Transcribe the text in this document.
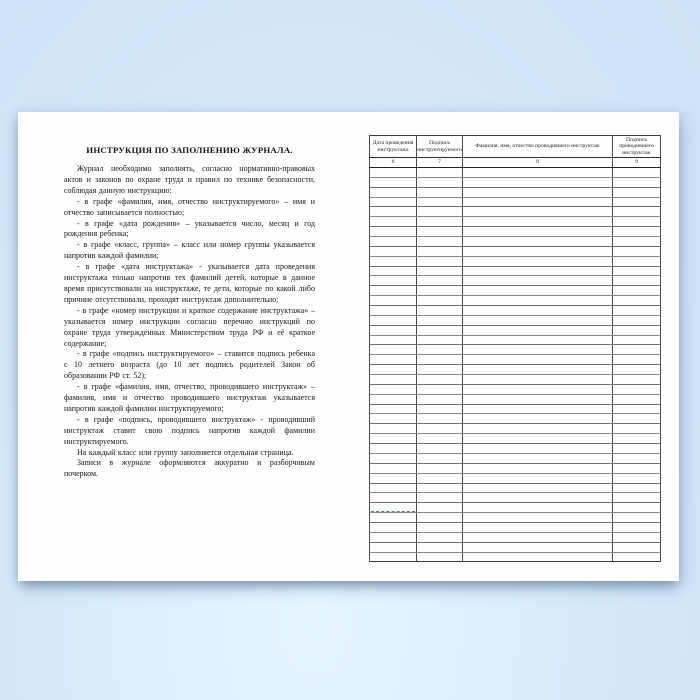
ИНСТРУКЦИЯ ПО ЗАПОЛНЕНИЮ ЖУРНАЛА.

Журнал необходимо заполнять, согласно нормативно-правовых актов и законов по охране труда и правил по технике безопасности, соблюдая данную инструкцию:

- в графе «фамилия, имя, отчество инструктируемого» – имя и отчество записывается полностью;

- в графе «дата рождения» – указывается число, месяц и год рождения ребенка;

- в графе «класс, группа» – класс или номер группы указывается напротив каждой фамилии;

- в графе «дата инструктажа» - указывается дата проведения инструктажа только напротив тех фамилий детей, которые в данное время присутствовали на инструктаже, те дети, которые по какой либо причине отсутствовали, проходят инструктаж дополнительно;

- в графе «номер инструкции и краткое содержание инструктажа» – указывается номер инструкции согласно перечню инструкций по охране труда утвержденных Министерством труда РФ и её краткое содержание;

- в графе «подпись инструктируемого» – ставится подпись ребенка с 10 летнего возраста (до 10 лет подпись родителей Закон об образовании РФ ст. 52);

- в графе «фамилия, имя, отчество, проводившего инструктаж» – фамилия, имя и отчество проводившего инструктаж указывается напротив каждой фамилии инструктируемого;

- в графе «подпись, проводившего инструктаж» - проводивший инструктаж ставит свою подпись напротив каждой фамилии инструктируемого.

На каждый класс или группу заполняется отдельная страница.

Записи в журнале оформляются аккуратно и разборчивым почерком.

Дата проведения инструктажа	Подпись инструктируемого	Фамилия, имя, отчество проводившего инструктаж	Подпись проводившего инструктаж
6	7	8	9
